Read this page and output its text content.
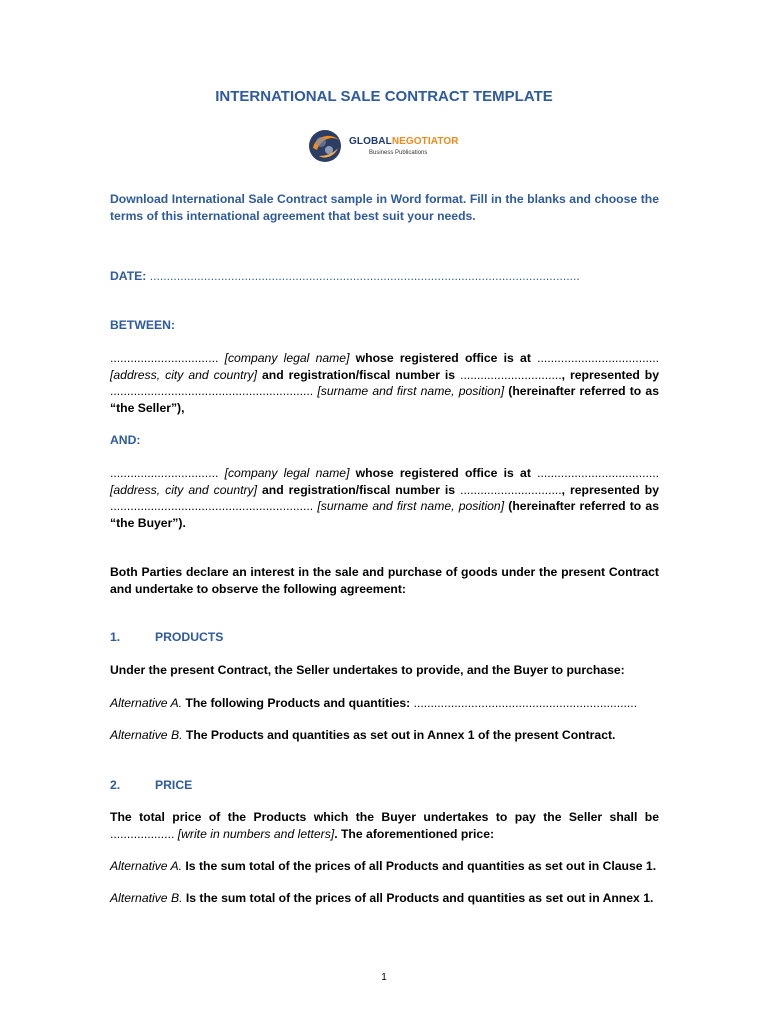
INTERNATIONAL SALE CONTRACT TEMPLATE
GLOBALNEGOTIATOR
Business Publications
Download International Sale Contract sample in Word format. Fill in the blanks and choose the terms of this international agreement that best suit your needs.
DATE: ...............................................................................................................................
BETWEEN:
................................ [company legal name] whose registered office is at .................................... [address, city and country] and registration/fiscal number is .............................., represented by ............................................................ [surname and first name, position] (hereinafter referred to as “the Seller”),
AND:
................................ [company legal name] whose registered office is at .................................... [address, city and country] and registration/fiscal number is .............................., represented by ............................................................ [surname and first name, position] (hereinafter referred to as “the Buyer”).
Both Parties declare an interest in the sale and purchase of goods under the present Contract and undertake to observe the following agreement:
1.	PRODUCTS
Under the present Contract, the Seller undertakes to provide, and the Buyer to purchase:
Alternative A. The following Products and quantities: ..................................................................
Alternative B. The Products and quantities as set out in Annex 1 of the present Contract.
2.	PRICE
The total price of the Products which the Buyer undertakes to pay the Seller shall be ................... [write in numbers and letters]. The aforementioned price:
Alternative A. Is the sum total of the prices of all Products and quantities as set out in Clause 1.
Alternative B. Is the sum total of the prices of all Products and quantities as set out in Annex 1.
1
